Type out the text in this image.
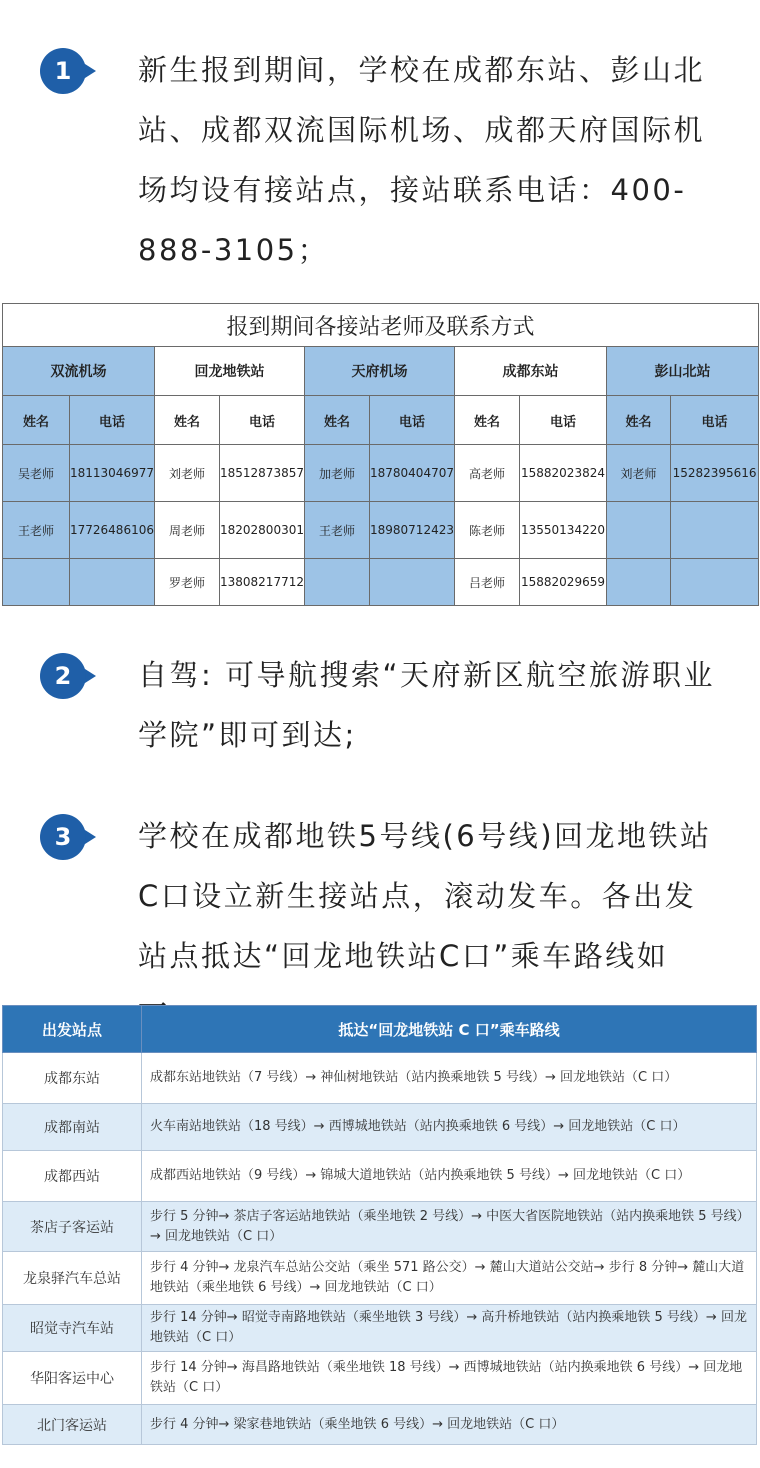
1	新生报到期间，学校在成都东站、彭山北站、成都双流国际机场、成都天府国际机场均设有接站点，接站联系电话：400-888-3105；
报到期间各接站老师及联系方式									
双流机场		回龙地铁站		天府机场		成都东站		彭山北站	
姓名	电话	姓名	电话	姓名	电话	姓名	电话	姓名	电话
吴老师	18113046977	刘老师	18512873857	加老师	18780404707	高老师	15882023824	刘老师	15282395616
王老师	17726486106	周老师	18202800301	王老师	18980712423	陈老师	13550134220		
		罗老师	13808217712			吕老师	15882029659		
2	自驾: 可导航搜索“天府新区航空旅游职业学院”即可到达;
3	学校在成都地铁5号线(6号线)回龙地铁站C口设立新生接站点，滚动发车。各出发站点抵达“回龙地铁站C口”乘车路线如
出发站点	抵达“回龙地铁站 C 口”乘车路线
成都东站	成都东站地铁站（7 号线）→ 神仙树地铁站（站内换乘地铁 5 号线）→ 回龙地铁站（C 口）
成都南站	火车南站地铁站（18 号线）→ 西博城地铁站（站内换乘地铁 6 号线）→ 回龙地铁站（C 口）
成都西站	成都西站地铁站（9 号线）→ 锦城大道地铁站（站内换乘地铁 5 号线）→ 回龙地铁站（C 口）
茶店子客运站	步行 5 分钟→ 茶店子客运站地铁站（乘坐地铁 2 号线）→ 中医大省医院地铁站（站内换乘地铁 5 号线）→ 回龙地铁站（C 口）
龙泉驿汽车总站	步行 4 分钟→ 龙泉汽车总站公交站（乘坐 571 路公交）→ 麓山大道站公交站→ 步行 8 分钟→ 麓山大道地铁站（乘坐地铁 6 号线）→ 回龙地铁站（C 口）
昭觉寺汽车站	步行 14 分钟→ 昭觉寺南路地铁站（乘坐地铁 3 号线）→ 高升桥地铁站（站内换乘地铁 5 号线）→ 回龙地铁站（C 口）
华阳客运中心	步行 14 分钟→ 海昌路地铁站（乘坐地铁 18 号线）→ 西博城地铁站（站内换乘地铁 6 号线）→ 回龙地铁站（C 口）
北门客运站	步行 4 分钟→ 梁家巷地铁站（乘坐地铁 6 号线）→ 回龙地铁站（C 口）
